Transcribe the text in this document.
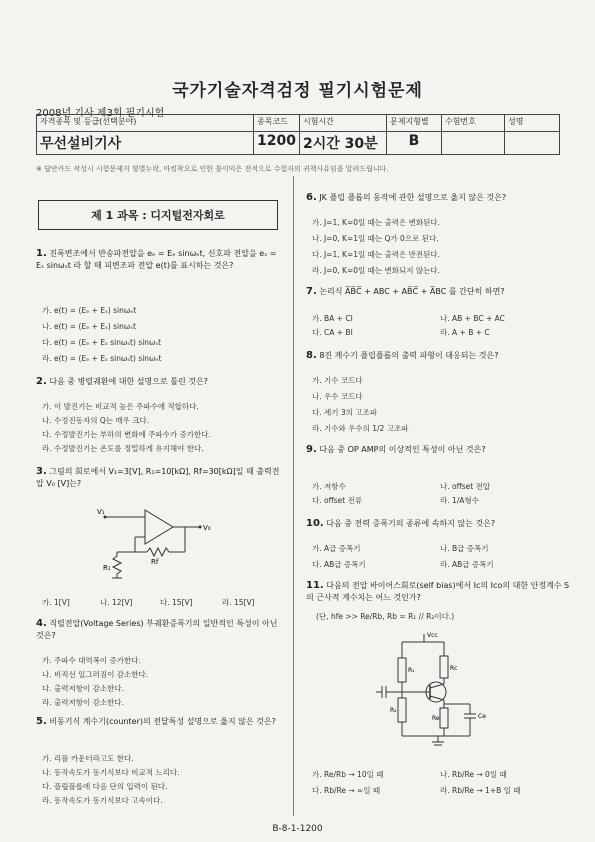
국가기술자격검정 필기시험문제
2008년 기사 제3회 필기시험
자격종목 및 등급(선택분야)	종목코드	시험시간	문제지형별	수험번호	성명
무선설비기사	1200	2시간 30분	B		
※ 답안카드 작성시 시험문제지 형별누락, 마킹착오로 인한 불이익은 전적으로 수험자의 귀책사유임을 알려드립니다.
제 1 과목 : 디지털전자회로
1. 진폭변조에서 반송파전압을 eₑ = Eₑ sinωₑt, 신호파 전압을 eₛ = Eₛ sinωₛt 라 할 때 피변조파 전압 e(t)를 표시하는 것은?
가. e(t) = (Eₑ + Eₛ) sinωₑt
나. e(t) = (Eₑ + Eₛ) sinωₛt
다. e(t) = (Eₑ + Eₛ sinωₛt) sinωₛt
라. e(t) = (Eₑ + Eₛ sinωₛt) sinωₑt
2. 다음 중 병렬궤환에 대한 설명으로 틀린 것은?
가. 이 발진기는 비교적 높은 주파수에 적합하다.
나. 수정진동자의 Q는 매우 크다.
다. 수정발진기는 부하의 변화에 주파수가 증가한다.
라. 수정발진기는 온도를 정밀하게 유지해야 한다.
3. 그림의 회로에서 V₁=3[V], R₁=10[kΩ], Rf=30[kΩ]일 때 출력전압 V₀ [V]는?
V₁
V₀
R₁
Rf
가. 1[V]	나. 12[V]	다. 15[V]	라. 15[V]
4. 직렬전압(Voltage Series) 부궤환증폭기의 일반적인 특성이 아닌 것은?
가. 주파수 대역폭이 증가한다.
나. 비직선 일그러짐이 감소한다.
다. 출력저항이 감소한다.
라. 출력저항이 감소한다.
5. 비동기식 계수기(counter)의 전달특성 설명으로 옳지 않은 것은?
가. 리플 카운터라고도 한다.
나. 동작속도가 동기식보다 비교적 느리다.
다. 플립플롭에 다음 단의 입력이 된다.
라. 동작속도가 동기식보다 고속이다.
6. JK 플립 플롭의 동작에 관한 설명으로 옳지 않은 것은?
가. J=1, K=0일 때는 출력은 변화된다.
나. J=0, K=1일 때는 Q가 0으로 된다.
다. J=1, K=1일 때는 출력은 반전된다.
라. J=0, K=0일 때는 변화되지 않는다.
7. 논리식 A̅B̅C̅ + ABC + AB̅C̅ + A̅BC 를 간단히 하면?
가. BA + CI	나. AB + BC + AC
다. CA + BI	라. A + B + C
8. 8진 계수기 플립플롭의 출력 파형이 대응되는 것은?
가. 기수 코드다
나. 우수 코드다
다. 세기 3의 고조파
라. 기수와 우수의 1/2 고조파
9. 다음 중 OP AMP의 이상적인 특성이 아닌 것은?
가. 저항수	나. offset 전압
다. offset 전류	라. 1/A형수
10. 다음 중 전력 증폭기의 종류에 속하지 않는 것은?
가. A급 증폭기	나. B급 증폭기
다. AB급 증폭기	라. AB급 증폭기
11. 다음의 전압 바이어스회로(self bias)에서 Ic의 Ico의 대한 안정계수 S의 근사적 계수치는 어느 것인가?
(단, hfe >> Re/Rb, Rb = R₁ // R₂이다.)
Vcc
R₁	Rc
R₂
Re	Ce
가. Re/Rb → 10일 때	나. Rb/Re → 0일 때
다. Rb/Re → ∞일 때	라. Rb/Re → 1+B 일 때
B-8-1-1200
